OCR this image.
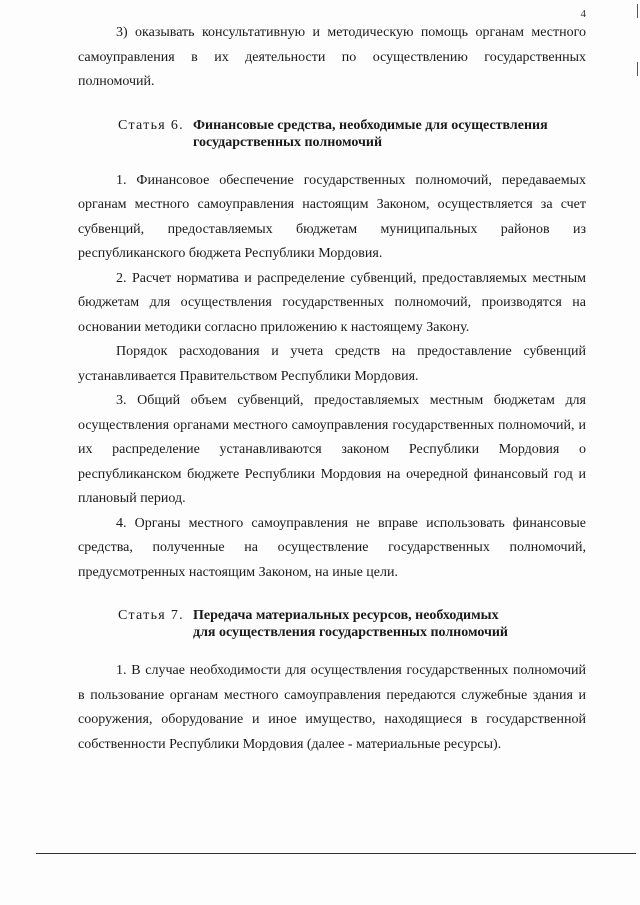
4

3) оказывать консультативную и методическую помощь органам местного самоуправления в их деятельности по осуществлению государственных полномочий.

Статья 6. Финансовые средства, необходимые для осуществления
государственных полномочий

1. Финансовое обеспечение государственных полномочий, передаваемых органам местного самоуправления настоящим Законом, осуществляется за счет субвенций, предоставляемых бюджетам муниципальных районов из республиканского бюджета Республики Мордовия.

2. Расчет норматива и распределение субвенций, предоставляемых местным бюджетам для осуществления государственных полномочий, производятся на основании методики согласно приложению к настоящему Закону.

Порядок расходования и учета средств на предоставление субвенций устанавливается Правительством Республики Мордовия.

3. Общий объем субвенций, предоставляемых местным бюджетам для осуществления органами местного самоуправления государственных полномочий, и их распределение устанавливаются законом Республики Мордовия о республиканском бюджете Республики Мордовия на очередной финансовый год и плановый период.

4. Органы местного самоуправления не вправе использовать финансовые средства, полученные на осуществление государственных полномочий, предусмотренных настоящим Законом, на иные цели.

Статья 7. Передача материальных ресурсов, необходимых
для осуществления государственных полномочий

1. В случае необходимости для осуществления государственных полномочий в пользование органам местного самоуправления передаются служебные здания и сооружения, оборудование и иное имущество, находящиеся в государственной собственности Республики Мордовия (далее - материальные ресурсы).
